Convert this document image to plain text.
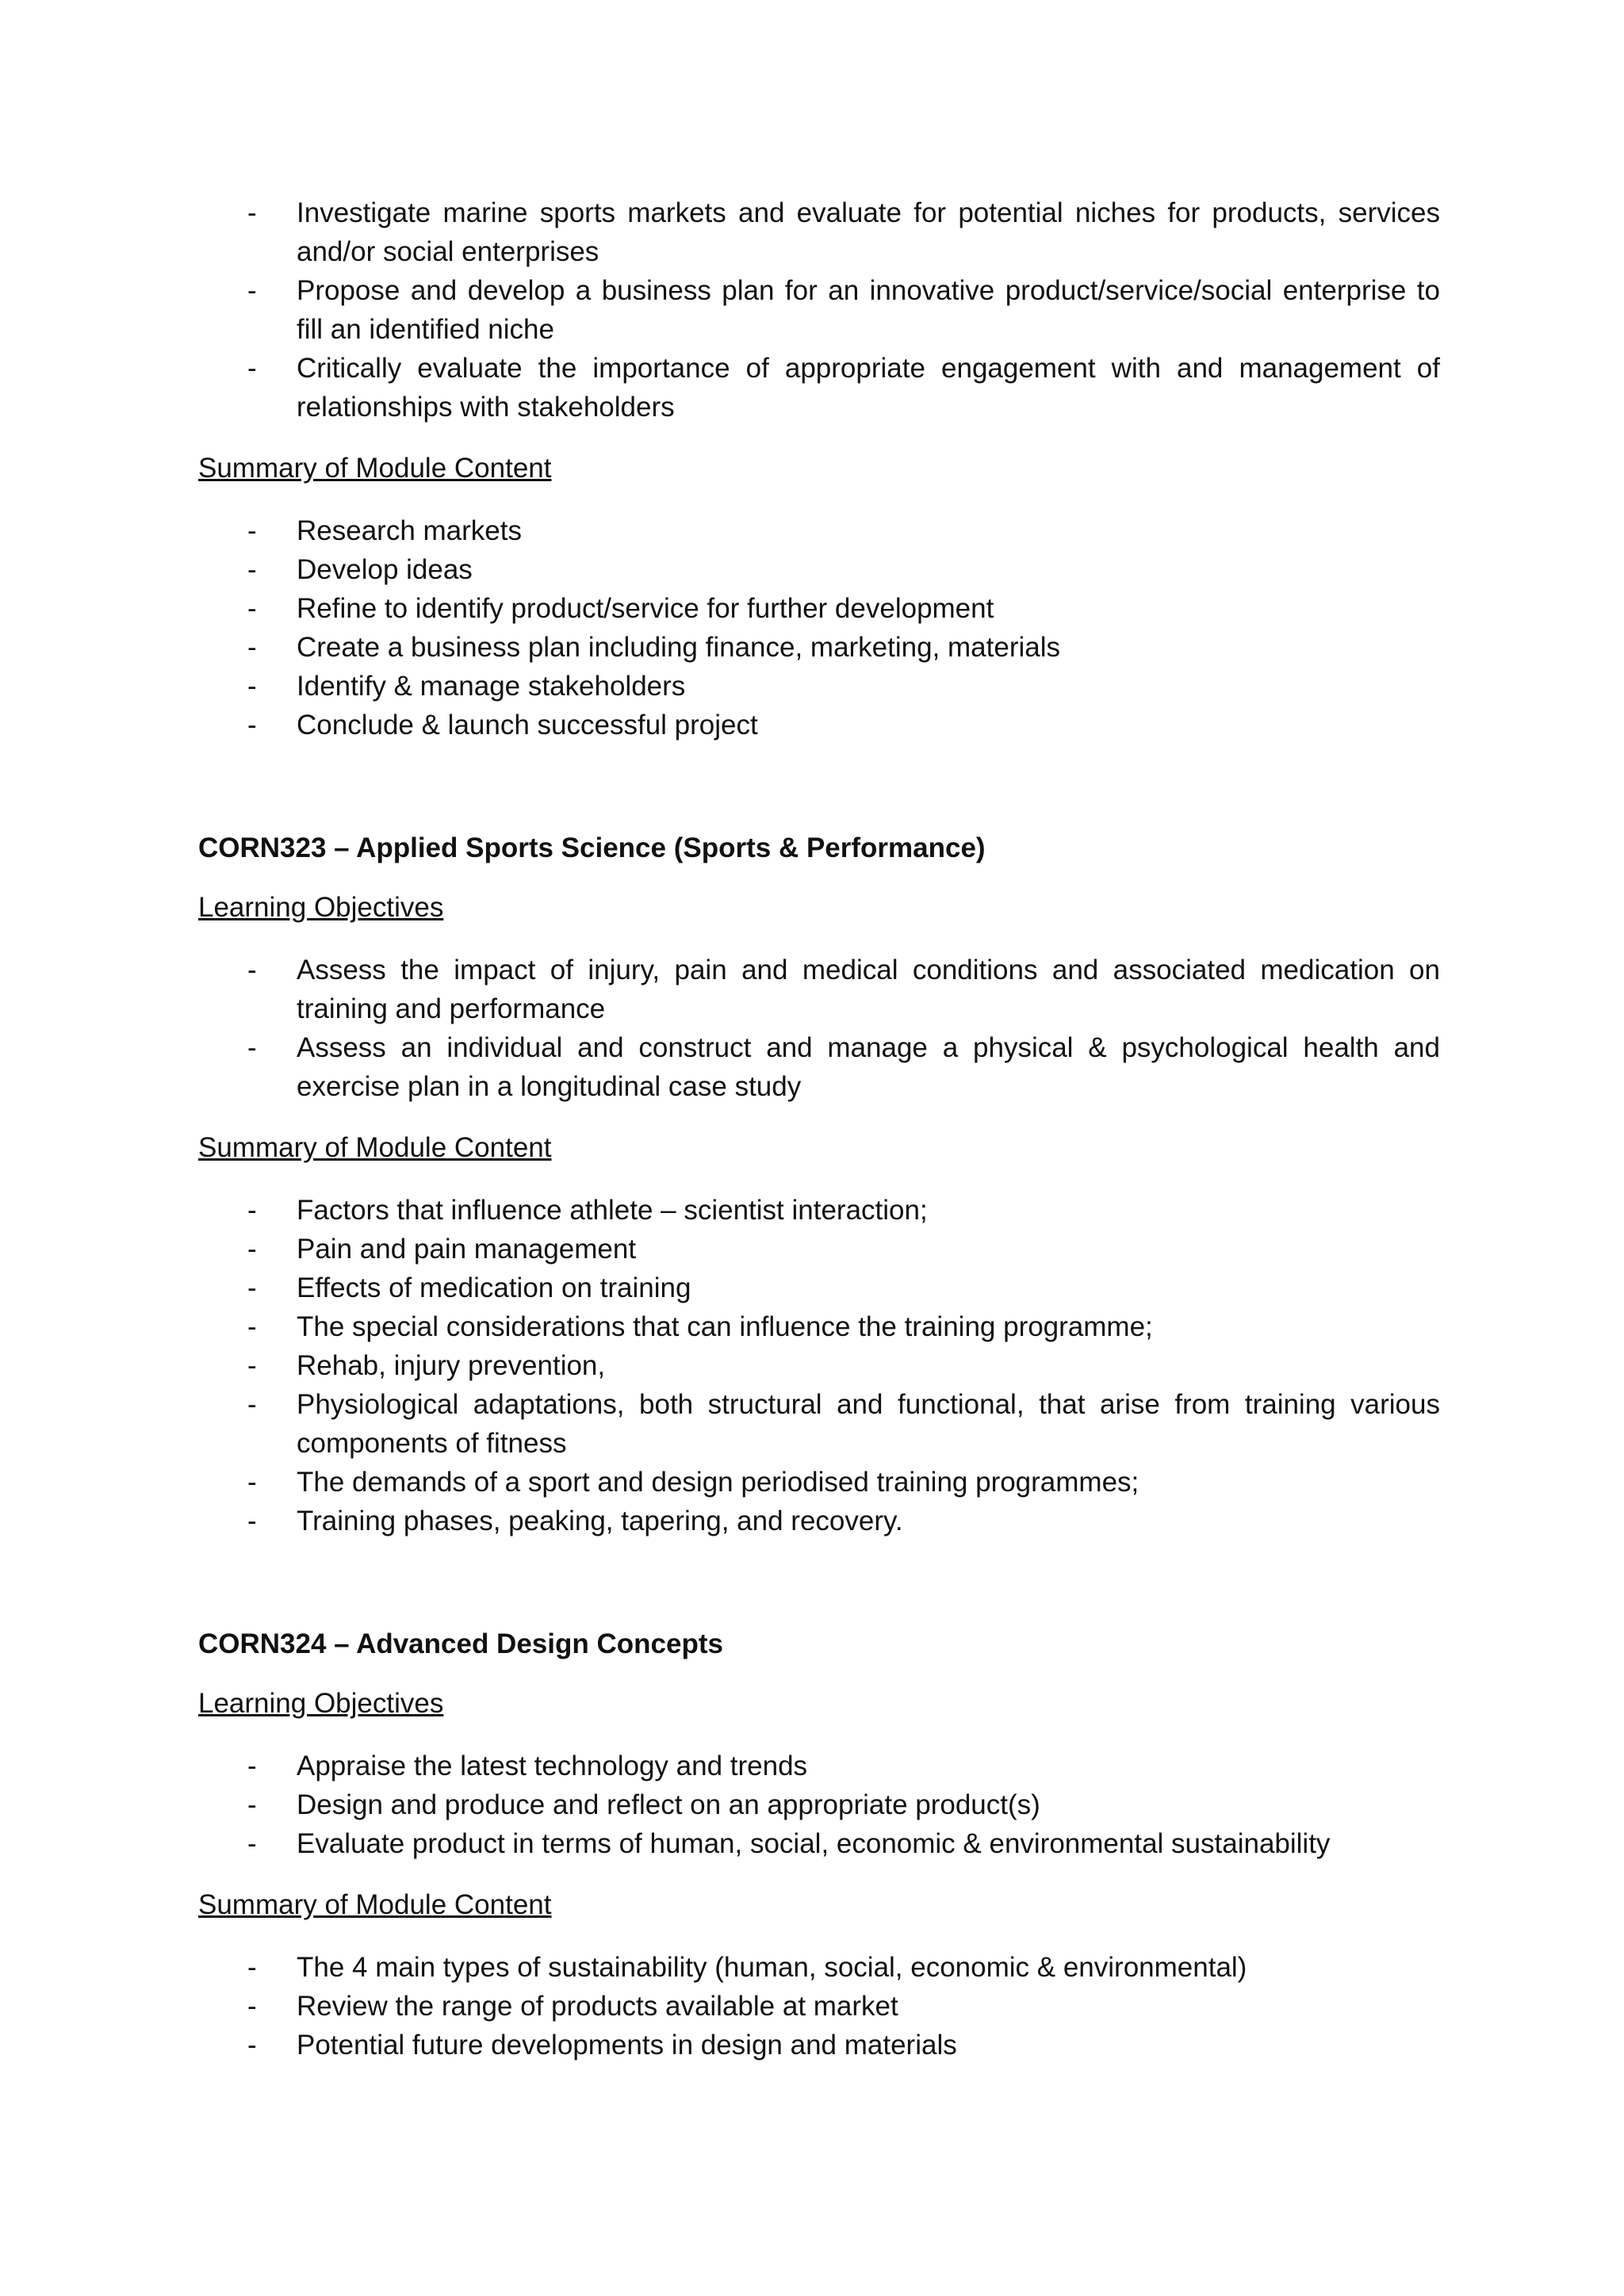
- Investigate marine sports markets and evaluate for potential niches for products, services and/or social enterprises
- Propose and develop a business plan for an innovative product/service/social enterprise to fill an identified niche
- Critically evaluate the importance of appropriate engagement with and management of relationships with stakeholders
Summary of Module Content
- Research markets
- Develop ideas
- Refine to identify product/service for further development
- Create a business plan including finance, marketing, materials
- Identify & manage stakeholders
- Conclude & launch successful project
CORN323 – Applied Sports Science (Sports & Performance)
Learning Objectives
- Assess the impact of injury, pain and medical conditions and associated medication on training and performance
- Assess an individual and construct and manage a physical & psychological health and exercise plan in a longitudinal case study
Summary of Module Content
- Factors that influence athlete – scientist interaction;
- Pain and pain management
- Effects of medication on training
- The special considerations that can influence the training programme;
- Rehab, injury prevention,
- Physiological adaptations, both structural and functional, that arise from training various components of fitness
- The demands of a sport and design periodised training programmes;
- Training phases, peaking, tapering, and recovery.
CORN324 – Advanced Design Concepts
Learning Objectives
- Appraise the latest technology and trends
- Design and produce and reflect on an appropriate product(s)
- Evaluate product in terms of human, social, economic & environmental sustainability
Summary of Module Content
- The 4 main types of sustainability (human, social, economic & environmental)
- Review the range of products available at market
- Potential future developments in design and materials
